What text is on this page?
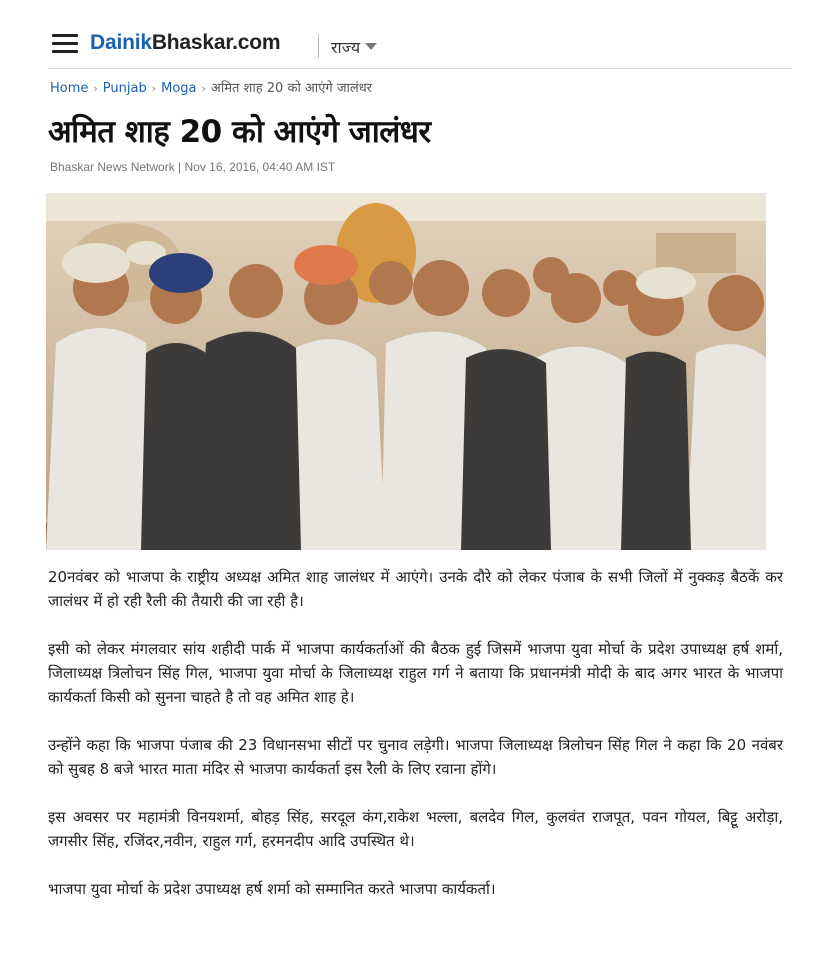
DainikBhaskar.com	राज्य
Home › Punjab › Moga › अमित शाह 20 को आएंगे जालंधर
अमित शाह 20 को आएंगे जालंधर
Bhaskar News Network | Nov 16, 2016, 04:40 AM IST

20नवंबर को भाजपा के राष्ट्रीय अध्यक्ष अमित शाह जालंधर में आएंगे। उनके दौरे को लेकर पंजाब के सभी जिलों में नुक्कड़ बैठकें कर जालंधर में हो रही रैली की तैयारी की जा रही है।

इसी को लेकर मंगलवार सांय शहीदी पार्क में भाजपा कार्यकर्ताओं की बैठक हुई जिसमें भाजपा युवा मोर्चा के प्रदेश उपाध्यक्ष हर्ष शर्मा, जिलाध्यक्ष त्रिलोचन सिंह गिल, भाजपा युवा मोर्चा के जिलाध्यक्ष राहुल गर्ग ने बताया कि प्रधानमंत्री मोदी के बाद अगर भारत के भाजपा कार्यकर्ता किसी को सुनना चाहते है तो वह अमित शाह हे।

उन्होंने कहा कि भाजपा पंजाब की 23 विधानसभा सीटों पर चुनाव लड़ेगी। भाजपा जिलाध्यक्ष त्रिलोचन सिंह गिल ने कहा कि 20 नवंबर को सुबह 8 बजे भारत माता मंदिर से भाजपा कार्यकर्ता इस रैली के लिए रवाना होंगे।

इस अवसर पर महामंत्री विनयशर्मा, बोहड़ सिंह, सरदूल कंग,राकेश भल्ला, बलदेव गिल, कुलवंत राजपूत, पवन गोयल, बिट्टू अरोड़ा, जगसीर सिंह, रजिंदर,नवीन, राहुल गर्ग, हरमनदीप आदि उपस्थित थे।

भाजपा युवा मोर्चा के प्रदेश उपाध्यक्ष हर्ष शर्मा को सम्मानित करते भाजपा कार्यकर्ता।
